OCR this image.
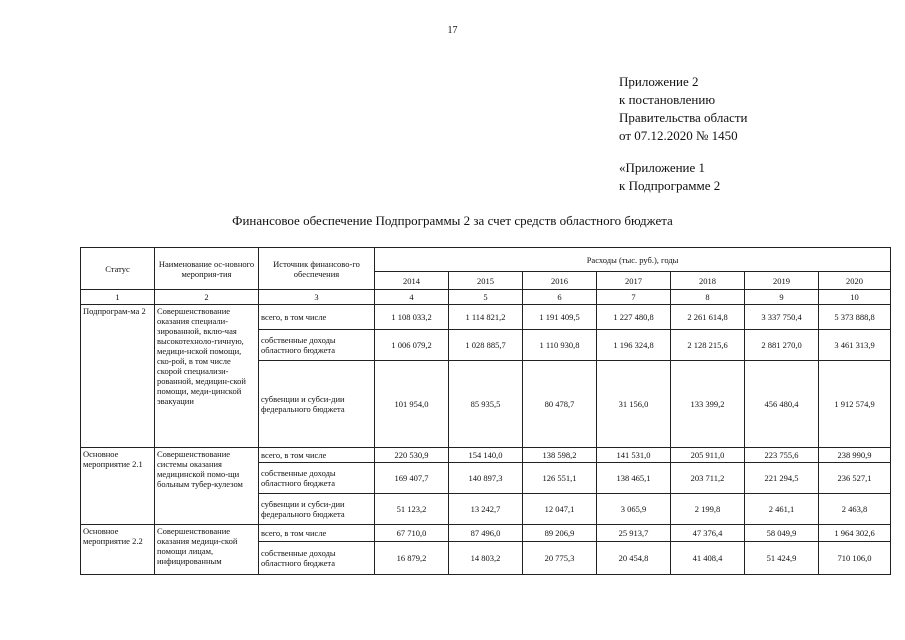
17
Приложение 2
к постановлению
Правительства области
от 07.12.2020 № 1450
«Приложение 1
к Подпрограмме 2
Финансовое обеспечение Подпрограммы 2 за счет средств областного бюджета
Статус	Наименование ос-новного мероприя-тия	Источник финансово-го обеспечения	Расходы (тыс. руб.), годы						
			2014	2015	2016	2017	2018	2019	2020
1	2	3	4	5	6	7	8	9	10
Подпрограм-ма 2	Совершенствование оказания специали-зированной, вклю-чая высокотехноло-гичную, медици-нской помощи, ско-рой, в том числе скорой специализи-рованной, медицин-ской помощи, меди-цинской эвакуации	всего, в том числе	1 108 033,2	1 114 821,2	1 191 409,5	1 227 480,8	2 261 614,8	3 337 750,4	5 373 888,8
		собственные доходы областного бюджета	1 006 079,2	1 028 885,7	1 110 930,8	1 196 324,8	2 128 215,6	2 881 270,0	3 461 313,9
		субвенции и субси-дии федерального бюджета	101 954,0	85 935,5	80 478,7	31 156,0	133 399,2	456 480,4	1 912 574,9
Основное мероприятие 2.1	Совершенствование системы оказания медицинской помо-щи больным тубер-кулезом	всего, в том числе	220 530,9	154 140,0	138 598,2	141 531,0	205 911,0	223 755,6	238 990,9
		собственные доходы областного бюджета	169 407,7	140 897,3	126 551,1	138 465,1	203 711,2	221 294,5	236 527,1
		субвенции и субси-дии федерального бюджета	51 123,2	13 242,7	12 047,1	3 065,9	2 199,8	2 461,1	2 463,8
Основное мероприятие 2.2	Совершенствование оказания медици-ской помощи лицам, инфицированным	всего, в том числе	67 710,0	87 496,0	89 206,9	25 913,7	47 376,4	58 049,9	1 964 302,6
		собственные доходы областного бюджета	16 879,2	14 803,2	20 775,3	20 454,8	41 408,4	51 424,9	710 106,0
